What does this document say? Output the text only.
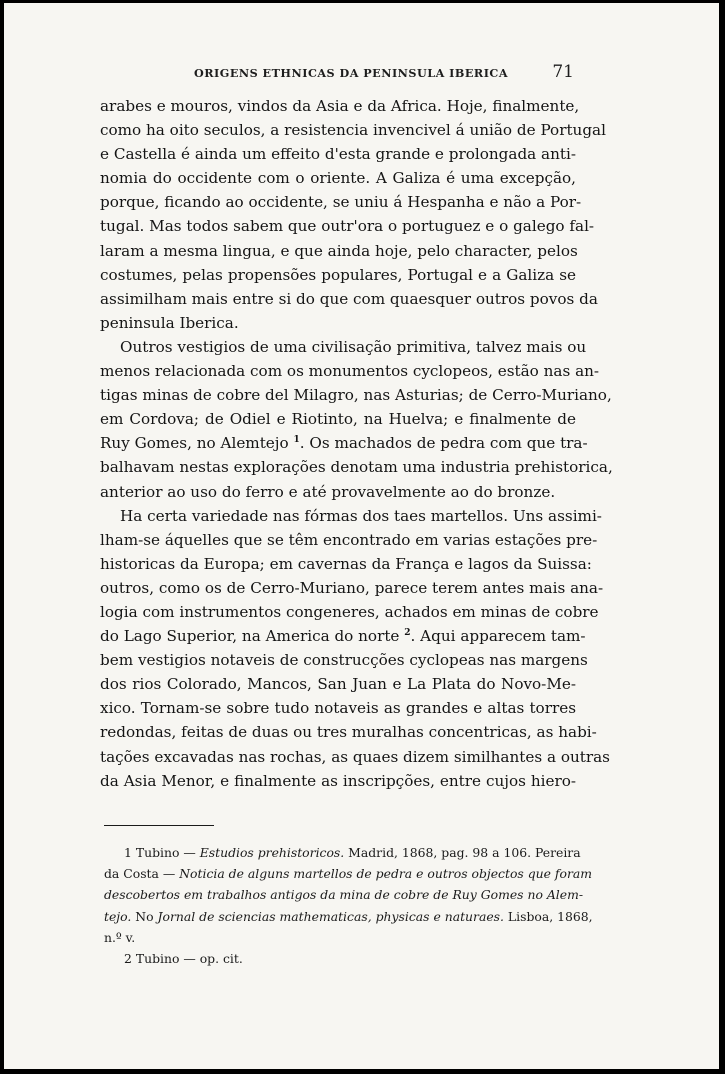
ORIGENS ETHNICAS DA PENINSULA IBERICA	71

arabes e mouros, vindos da Asia e da Africa. Hoje, finalmente,
como ha oito seculos, a resistencia invencivel á união de Portugal
e Castella é ainda um effeito d'esta grande e prolongada anti-
nomia do occidente com o oriente. A Galiza é uma excepção,
porque, ficando ao occidente, se uniu á Hespanha e não a Por-
tugal. Mas todos sabem que outr'ora o portuguez e o galego fal-
laram a mesma lingua, e que ainda hoje, pelo character, pelos
costumes, pelas propensões populares, Portugal e a Galiza se
assimilham mais entre si do que com quaesquer outros povos da
peninsula Iberica.

Outros vestigios de uma civilisação primitiva, talvez mais ou
menos relacionada com os monumentos cyclopeos, estão nas an-
tigas minas de cobre del Milagro, nas Asturias; de Cerro-Muriano,
em Cordova; de Odiel e Riotinto, na Huelva; e finalmente de
Ruy Gomes, no Alemtejo $^1$. Os machados de pedra com que tra-
balhavam nestas explorações denotam uma industria prehistorica,
anterior ao uso do ferro e até provavelmente ao do bronze.

Ha certa variedade nas fórmas dos taes martellos. Uns assimi-
lham-se áquelles que se têm encontrado em varias estações pre-
historicas da Europa; em cavernas da França e lagos da Suissa:
outros, como os de Cerro-Muriano, parece terem antes mais ana-
logia com instrumentos congeneres, achados em minas de cobre
do Lago Superior, na America do norte $^2$. Aqui apparecem tam-
bem vestigios notaveis de construcções cyclopeas nas margens
dos rios Colorado, Mancos, San Juan e La Plata do Novo-Me-
xico. Tornam-se sobre tudo notaveis as grandes e altas torres
redondas, feitas de duas ou tres muralhas concentricas, as habi-
tações excavadas nas rochas, as quaes dizem similhantes a outras
da Asia Menor, e finalmente as inscripções, entre cujos hiero-

1 Tubino — Estudios prehistoricos. Madrid, 1868, pag. 98 a 106. Pereira
da Costa — Noticia de alguns martellos de pedra e outros objectos que foram
descobertos em trabalhos antigos da mina de cobre de Ruy Gomes no Alem-
tejo. No Jornal de sciencias mathematicas, physicas e naturaes. Lisboa, 1868,
n.º v.
2 Tubino — op. cit.
